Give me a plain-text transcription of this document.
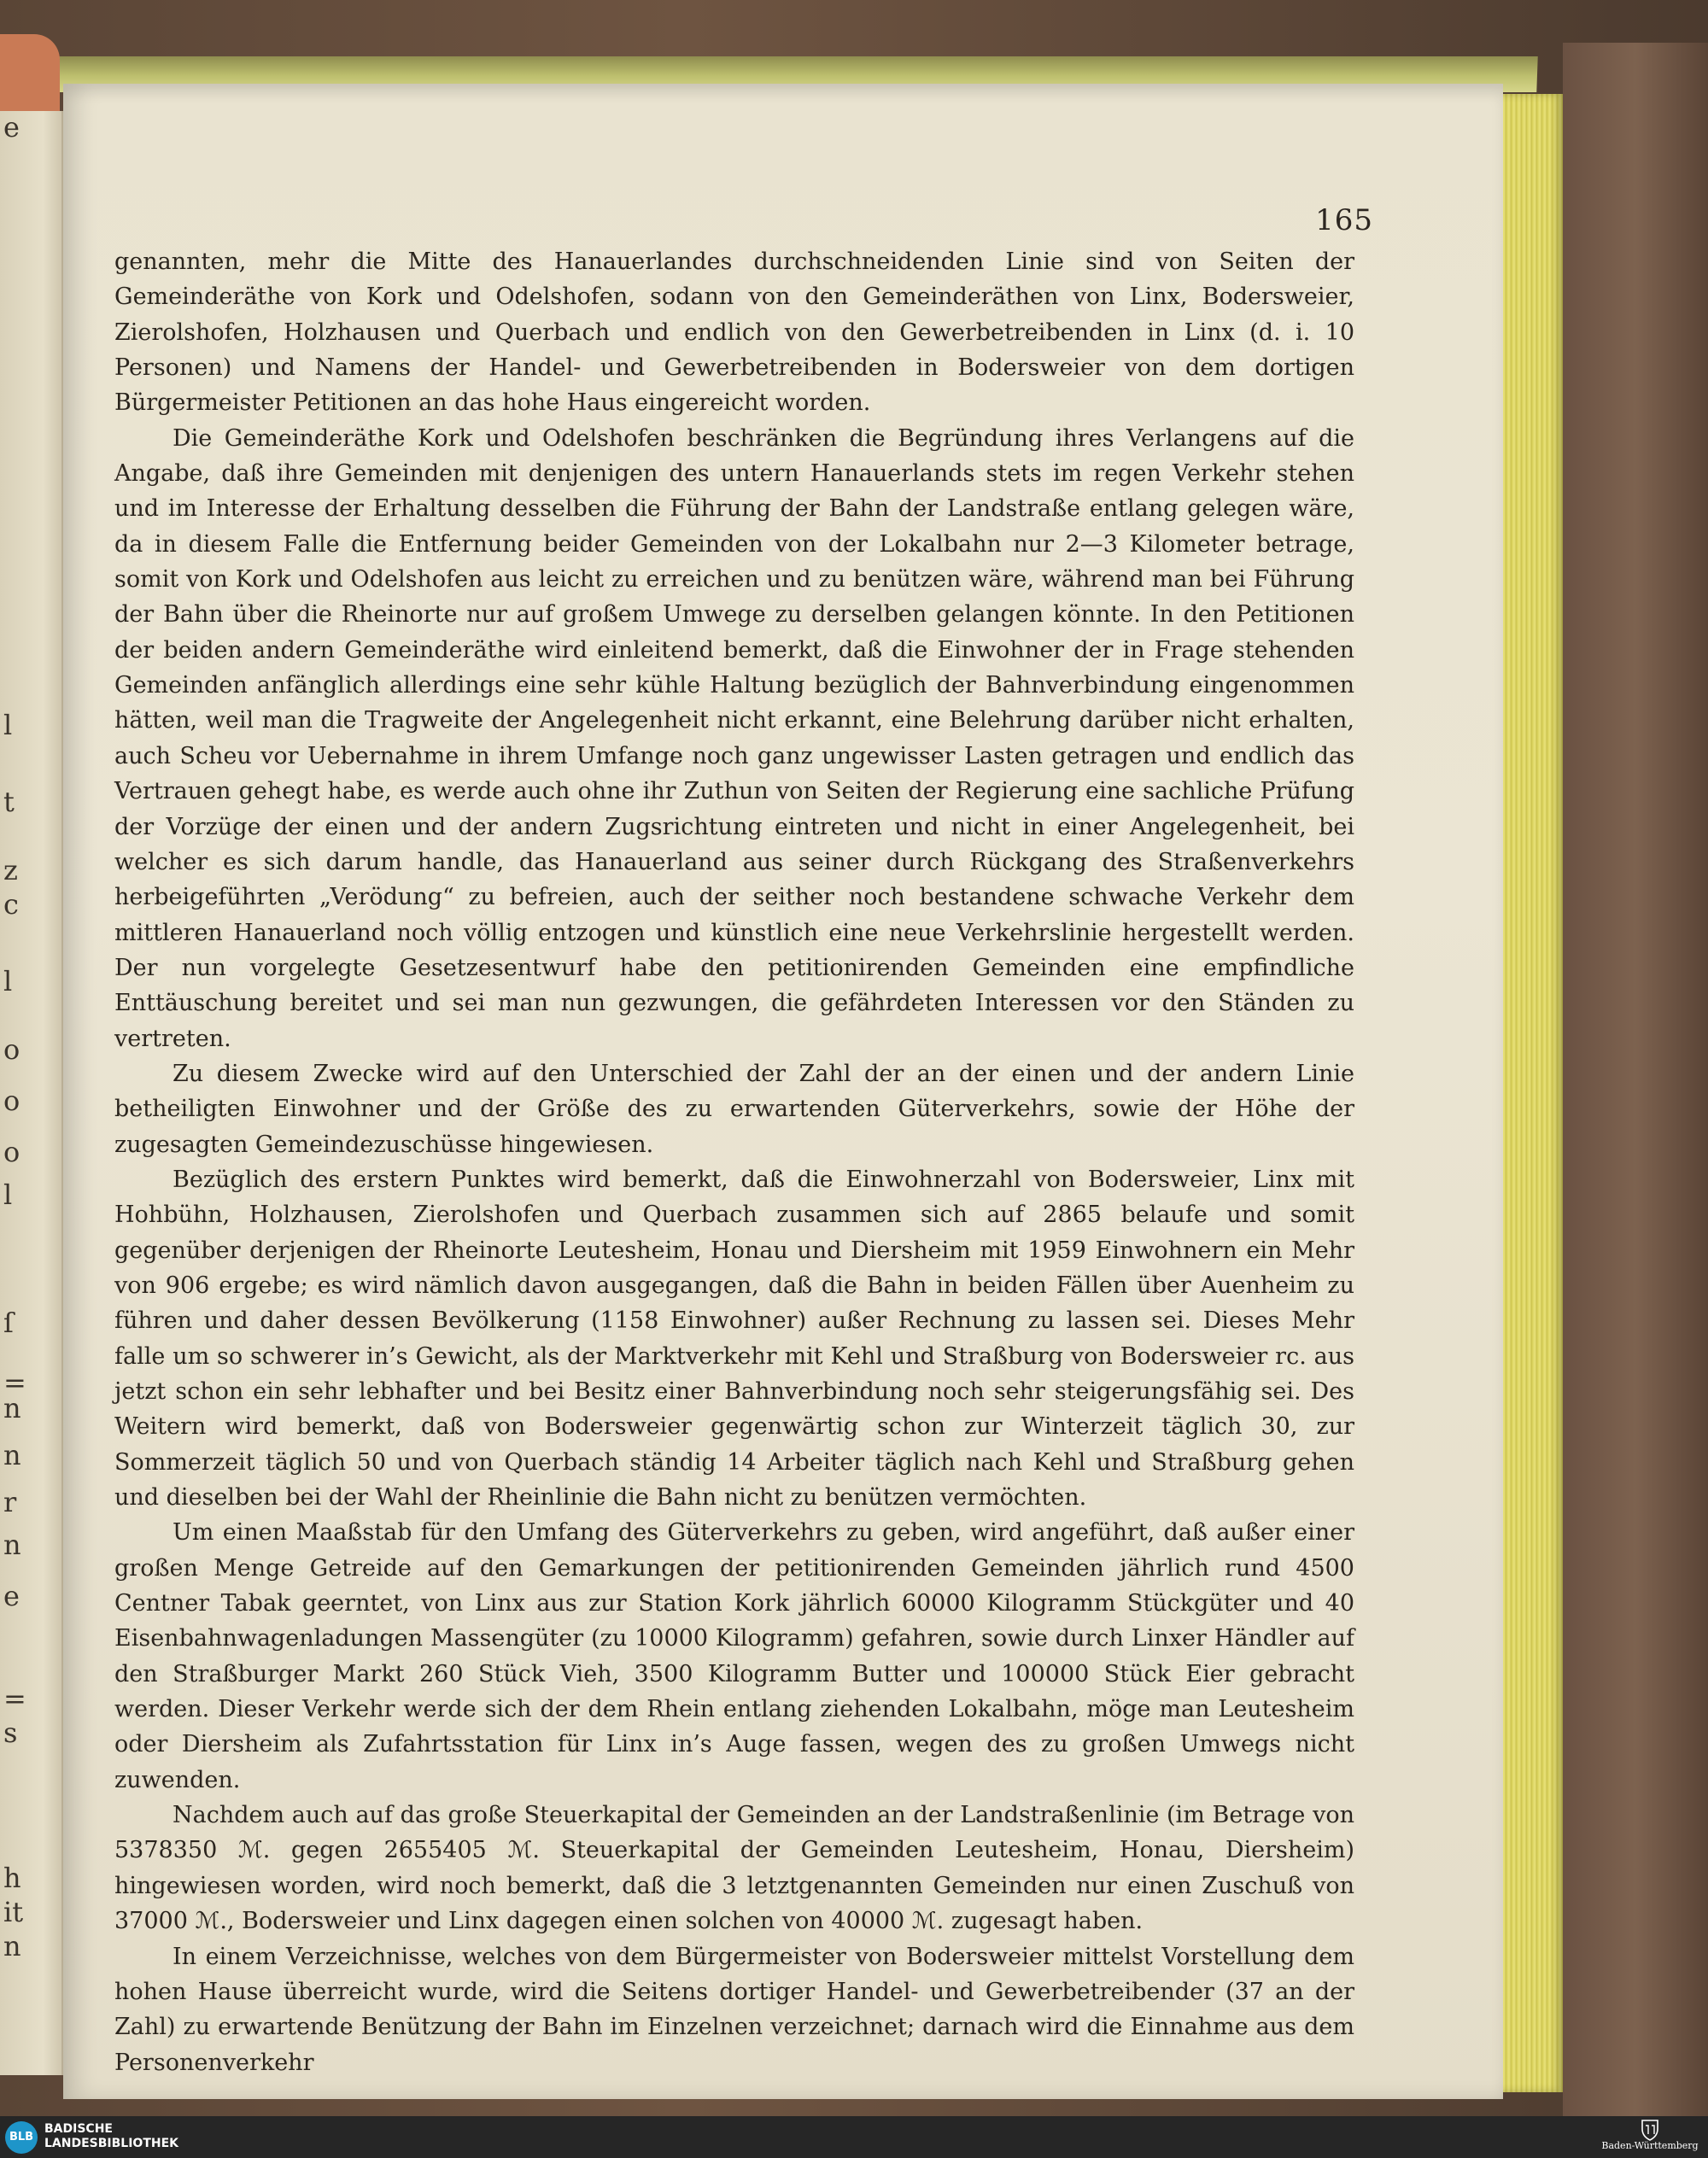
e
l
t
z
c
l
o
o
o
l
ſ
=
n
n
r
n
e
=
s
h
it
n
165

genannten, mehr die Mitte des Hanauerlandes durchschneidenden Linie sind von Seiten der Gemeinderäthe von Kork und Odelshofen, sodann von den Gemeinderäthen von Linx, Bodersweier, Zierolshofen, Holzhausen und Querbach und endlich von den Gewerbetreibenden in Linx (d. i. 10 Personen) und Namens der Handel- und Gewerbetreibenden in Bodersweier von dem dortigen Bürgermeister Petitionen an das hohe Haus eingereicht worden.

Die Gemeinderäthe Kork und Odelshofen beschränken die Begründung ihres Verlangens auf die Angabe, daß ihre Gemeinden mit denjenigen des untern Hanauerlands stets im regen Verkehr stehen und im Interesse der Erhaltung desselben die Führung der Bahn der Landstraße entlang gelegen wäre, da in diesem Falle die Entfernung beider Gemeinden von der Lokalbahn nur 2—3 Kilometer betrage, somit von Kork und Odelshofen aus leicht zu erreichen und zu benützen wäre, während man bei Führung der Bahn über die Rheinorte nur auf großem Umwege zu derselben gelangen könnte. In den Petitionen der beiden andern Gemeinderäthe wird einleitend bemerkt, daß die Einwohner der in Frage stehenden Gemeinden anfänglich allerdings eine sehr kühle Haltung bezüglich der Bahnverbindung eingenommen hätten, weil man die Tragweite der Angelegenheit nicht erkannt, eine Belehrung darüber nicht erhalten, auch Scheu vor Uebernahme in ihrem Umfange noch ganz ungewisser Lasten getragen und endlich das Vertrauen gehegt habe, es werde auch ohne ihr Zuthun von Seiten der Regierung eine sachliche Prüfung der Vorzüge der einen und der andern Zugsrichtung eintreten und nicht in einer Angelegenheit, bei welcher es sich darum handle, das Hanauerland aus seiner durch Rückgang des Straßenverkehrs herbeigeführten „Verödung“ zu befreien, auch der seither noch bestandene schwache Verkehr dem mittleren Hanauerland noch völlig entzogen und künstlich eine neue Verkehrslinie hergestellt werden. Der nun vorgelegte Gesetzesentwurf habe den petitionirenden Gemeinden eine empfindliche Enttäuschung bereitet und sei man nun gezwungen, die gefährdeten Interessen vor den Ständen zu vertreten.

Zu diesem Zwecke wird auf den Unterschied der Zahl der an der einen und der andern Linie betheiligten Einwohner und der Größe des zu erwartenden Güterverkehrs, sowie der Höhe der zugesagten Gemeindezuschüsse hingewiesen.

Bezüglich des erstern Punktes wird bemerkt, daß die Einwohnerzahl von Bodersweier, Linx mit Hohbühn, Holzhausen, Zierolshofen und Querbach zusammen sich auf 2865 belaufe und somit gegenüber derjenigen der Rheinorte Leutesheim, Honau und Diersheim mit 1959 Einwohnern ein Mehr von 906 ergebe; es wird nämlich davon ausgegangen, daß die Bahn in beiden Fällen über Auenheim zu führen und daher dessen Bevölkerung (1158 Einwohner) außer Rechnung zu lassen sei. Dieses Mehr falle um so schwerer in’s Gewicht, als der Marktverkehr mit Kehl und Straßburg von Bodersweier rc. aus jetzt schon ein sehr lebhafter und bei Besitz einer Bahnverbindung noch sehr steigerungsfähig sei. Des Weitern wird bemerkt, daß von Bodersweier gegenwärtig schon zur Winterzeit täglich 30, zur Sommerzeit täglich 50 und von Querbach ständig 14 Arbeiter täglich nach Kehl und Straßburg gehen und dieselben bei der Wahl der Rheinlinie die Bahn nicht zu benützen vermöchten.

Um einen Maaßstab für den Umfang des Güterverkehrs zu geben, wird angeführt, daß außer einer großen Menge Getreide auf den Gemarkungen der petitionirenden Gemeinden jährlich rund 4500 Centner Tabak geerntet, von Linx aus zur Station Kork jährlich 60000 Kilogramm Stückgüter und 40 Eisenbahnwagenladungen Massengüter (zu 10000 Kilogramm) gefahren, sowie durch Linxer Händler auf den Straßburger Markt 260 Stück Vieh, 3500 Kilogramm Butter und 100000 Stück Eier gebracht werden. Dieser Verkehr werde sich der dem Rhein entlang ziehenden Lokalbahn, möge man Leutesheim oder Diersheim als Zufahrtsstation für Linx in’s Auge fassen, wegen des zu großen Umwegs nicht zuwenden.

Nachdem auch auf das große Steuerkapital der Gemeinden an der Landstraßenlinie (im Betrage von 5378350 ℳ. gegen 2655405 ℳ. Steuerkapital der Gemeinden Leutesheim, Honau, Diersheim) hingewiesen worden, wird noch bemerkt, daß die 3 letztgenannten Gemeinden nur einen Zuschuß von 37000 ℳ., Bodersweier und Linx dagegen einen solchen von 40000 ℳ. zugesagt haben.

In einem Verzeichnisse, welches von dem Bürgermeister von Bodersweier mittelst Vorstellung dem hohen Hause überreicht wurde, wird die Seitens dortiger Handel- und Gewerbetreibender (37 an der Zahl) zu erwartende Benützung der Bahn im Einzelnen verzeichnet; darnach wird die Einnahme aus dem Personenverkehr

BLB
BADISCHE
LANDESBIBLIOTHEK	Baden-Württemberg
